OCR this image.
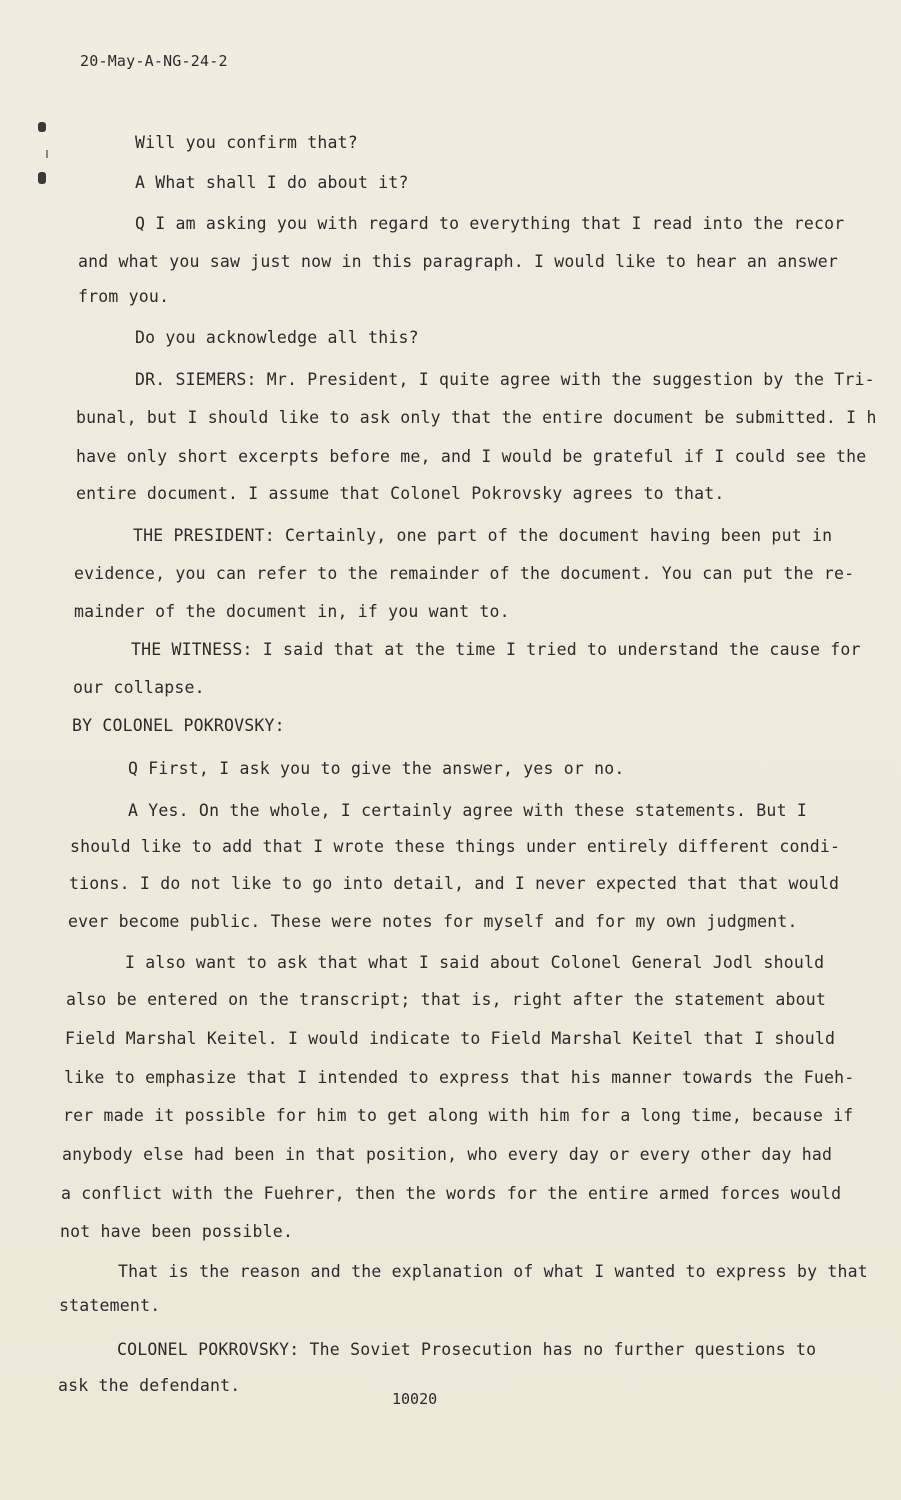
20-May-A-NG-24-2
Will you confirm that?
A What shall I do about it?
Q I am asking you with regard to everything that I read into the recor
and what you saw just now in this paragraph. I would like to hear an answer
from you.
Do you acknowledge all this?
DR. SIEMERS: Mr. President, I quite agree with the suggestion by the Tri-
bunal, but I should like to ask only that the entire document be submitted. I h
have only short excerpts before me, and I would be grateful if I could see the
entire document. I assume that Colonel Pokrovsky agrees to that.
THE PRESIDENT: Certainly, one part of the document having been put in
evidence, you can refer to the remainder of the document. You can put the re-
mainder of the document in, if you want to.
THE WITNESS: I said that at the time I tried to understand the cause for
our collapse.
BY COLONEL POKROVSKY:
Q First, I ask you to give the answer, yes or no.
A Yes. On the whole, I certainly agree with these statements. But I
should like to add that I wrote these things under entirely different condi-
tions. I do not like to go into detail, and I never expected that that would
ever become public. These were notes for myself and for my own judgment.
I also want to ask that what I said about Colonel General Jodl should
also be entered on the transcript; that is, right after the statement about
Field Marshal Keitel. I would indicate to Field Marshal Keitel that I should
like to emphasize that I intended to express that his manner towards the Fueh-
rer made it possible for him to get along with him for a long time, because if
anybody else had been in that position, who every day or every other day had
a conflict with the Fuehrer, then the words for the entire armed forces would
not have been possible.
That is the reason and the explanation of what I wanted to express by that
statement.
COLONEL POKROVSKY: The Soviet Prosecution has no further questions to
ask the defendant.
10020
